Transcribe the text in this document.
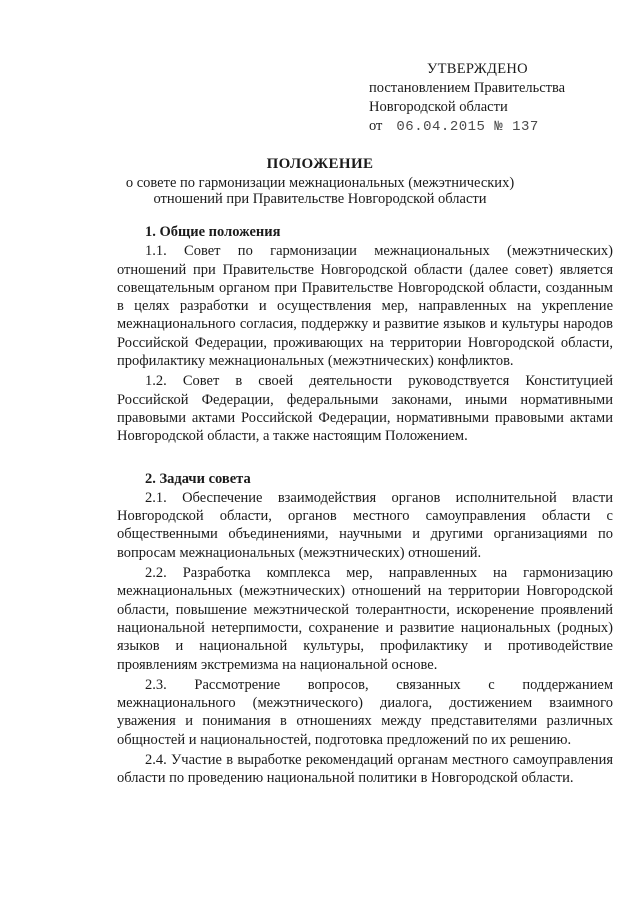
УТВЕРЖДЕНО
постановлением Правительства
Новгородской области
от 06.04.2015 № 137
ПОЛОЖЕНИЕ
о совете по гармонизации межнациональных (межэтнических)
отношений при Правительстве Новгородской области
1. Общие положения

1.1. Совет по гармонизации межнациональных (межэтнических) отношений при Правительстве Новгородской области (далее совет) является совещательным органом при Правительстве Новгородской области, созданным в целях разработки и осуществления мер, направленных на укрепление межнационального согласия, поддержку и развитие языков и культуры народов Российской Федерации, проживающих на территории Новгородской области, профилактику межнациональных (межэтнических) конфликтов.

1.2. Совет в своей деятельности руководствуется Конституцией Российской Федерации, федеральными законами, иными нормативными правовыми актами Российской Федерации, нормативными правовыми актами Новгородской области, а также настоящим Положением.

2. Задачи совета

2.1. Обеспечение взаимодействия органов исполнительной власти Новгородской области, органов местного самоуправления области с общественными объединениями, научными и другими организациями по вопросам межнациональных (межэтнических) отношений.

2.2. Разработка комплекса мер, направленных на гармонизацию межнациональных (межэтнических) отношений на территории Новгородской области, повышение межэтнической толерантности, искоренение проявлений национальной нетерпимости, сохранение и развитие национальных (родных) языков и национальной культуры, профилактику и противодействие проявлениям экстремизма на национальной основе.

2.3. Рассмотрение вопросов, связанных с поддержанием межнационального (межэтнического) диалога, достижением взаимного уважения и понимания в отношениях между представителями различных общностей и национальностей, подготовка предложений по их решению.

2.4. Участие в выработке рекомендаций органам местного самоуправления области по проведению национальной политики в Новгородской области.
